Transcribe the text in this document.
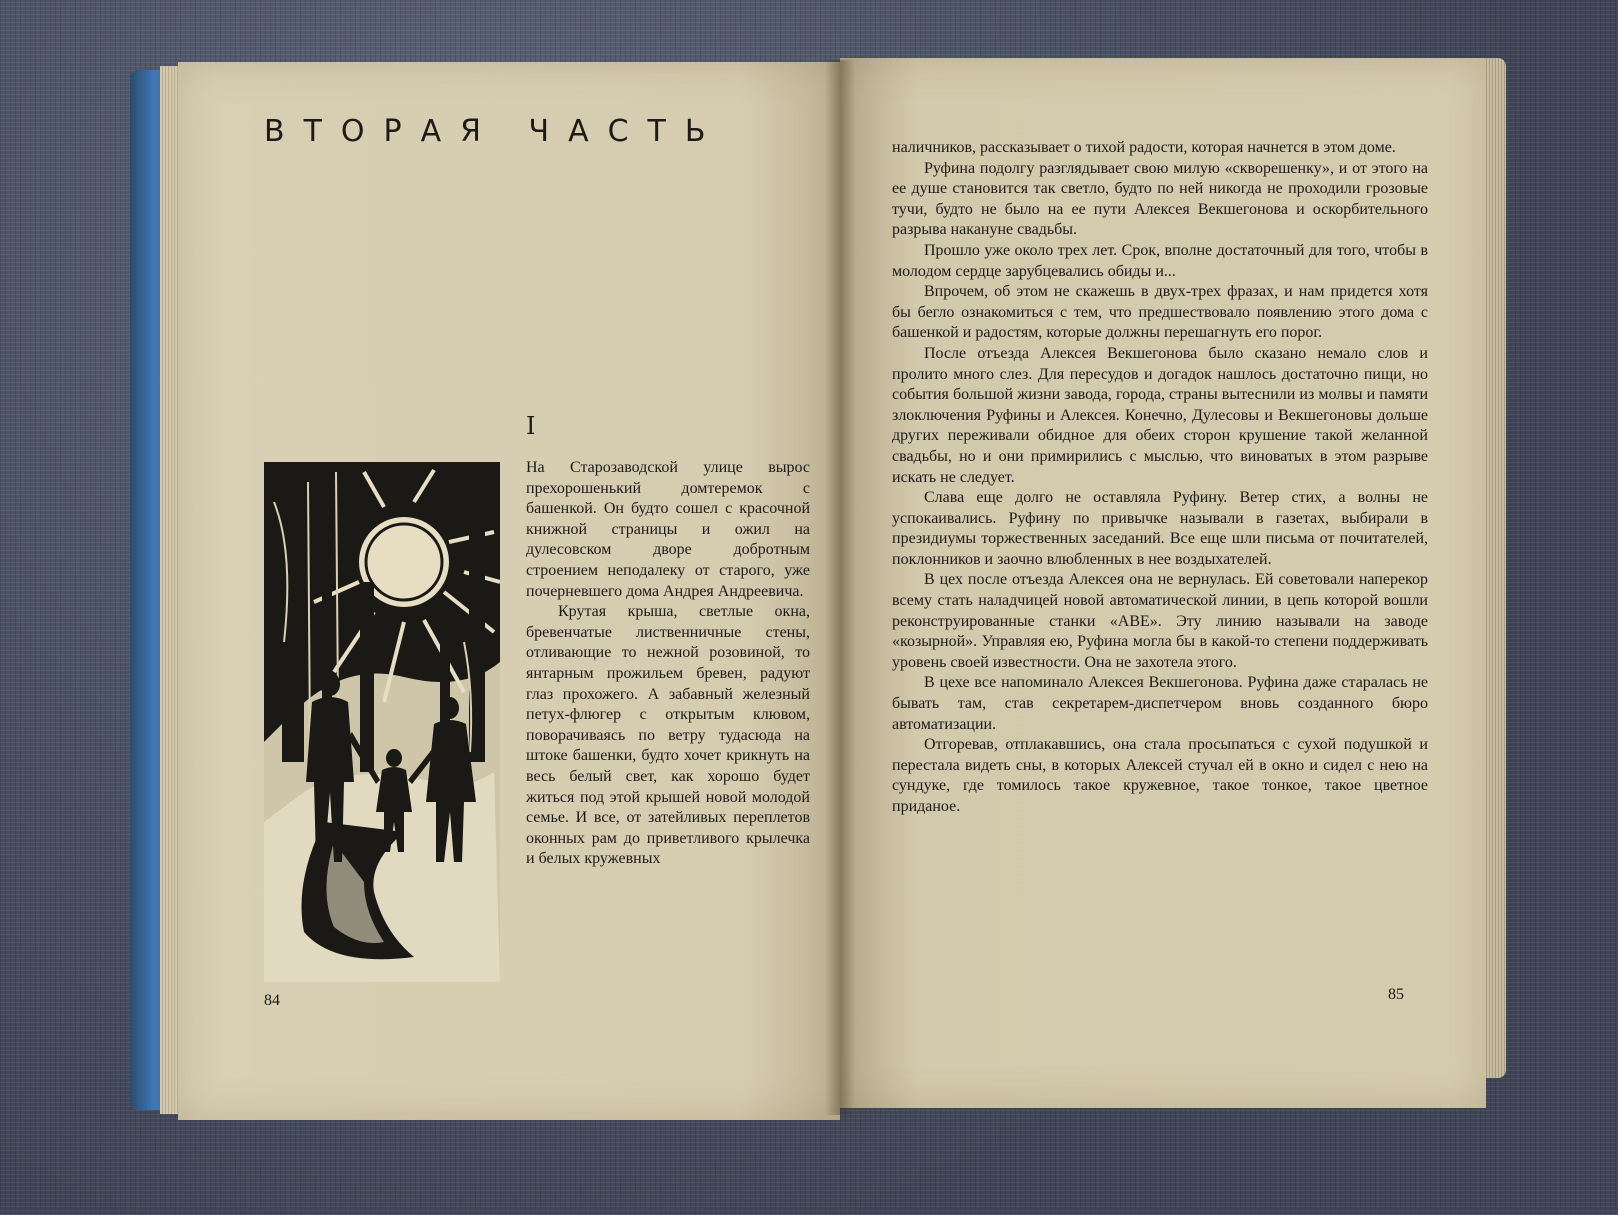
ВТОРАЯ ЧАСТЬ
I

На Старозаводской улице вырос прехорошенький домтеремок с башенкой. Он будто сошел с красочной книжной страницы и ожил на дулесовском дворе добротным строением неподалеку от старого, уже почерневшего дома Андрея Андреевича.

Крутая крыша, светлые окна, бревенчатые лиственничные стены, отливающие то нежной розовиной, то янтарным прожильем бревен, радуют глаз прохожего. А забавный железный петух-флюгер с открытым клювом, поворачиваясь по ветру тудасюда на штоке башенки, будто хочет крикнуть на весь белый свет, как хорошо будет житься под этой крышей новой молодой семье. И все, от затейливых переплетов оконных рам до приветливого крылечка и белых кружевных

84

наличников, рассказывает о тихой радости, которая начнется в этом доме.

Руфина подолгу разглядывает свою милую «скворешенку», и от этого на ее душе становится так светло, будто по ней никогда не проходили грозовые тучи, будто не было на ее пути Алексея Векшегонова и оскорбительного разрыва накануне свадьбы.

Прошло уже около трех лет. Срок, вполне достаточный для того, чтобы в молодом сердце зарубцевались обиды и...

Впрочем, об этом не скажешь в двух-трех фразах, и нам придется хотя бы бегло ознакомиться с тем, что предшествовало появлению этого дома с башенкой и радостям, которые должны перешагнуть его порог.

После отъезда Алексея Векшегонова было сказано немало слов и пролито много слез. Для пересудов и догадок нашлось достаточно пищи, но события большой жизни завода, города, страны вытеснили из молвы и памяти злоключения Руфины и Алексея. Конечно, Дулесовы и Векшегоновы дольше других переживали обидное для обеих сторон крушение такой желанной свадьбы, но и они примирились с мыслью, что виноватых в этом разрыве искать не следует.

Слава еще долго не оставляла Руфину. Ветер стих, а волны не успокаивались. Руфину по привычке называли в газетах, выбирали в президиумы торжественных заседаний. Все еще шли письма от почитателей, поклонников и заочно влюбленных в нее воздыхателей.

В цех после отъезда Алексея она не вернулась. Ей советовали наперекор всему стать наладчицей новой автоматической линии, в цепь которой вошли реконструированные станки «АВЕ». Эту линию называли на заводе «козырной». Управляя ею, Руфина могла бы в какой-то степени поддерживать уровень своей известности. Она не захотела этого.

В цехе все напоминало Алексея Векшегонова. Руфина даже старалась не бывать там, став секретарем-диспетчером вновь созданного бюро автоматизации.

Отгоревав, отплакавшись, она стала просыпаться с сухой подушкой и перестала видеть сны, в которых Алексей стучал ей в окно и сидел с нею на сундуке, где томилось такое кружевное, такое тонкое, такое цветное приданое.

85
